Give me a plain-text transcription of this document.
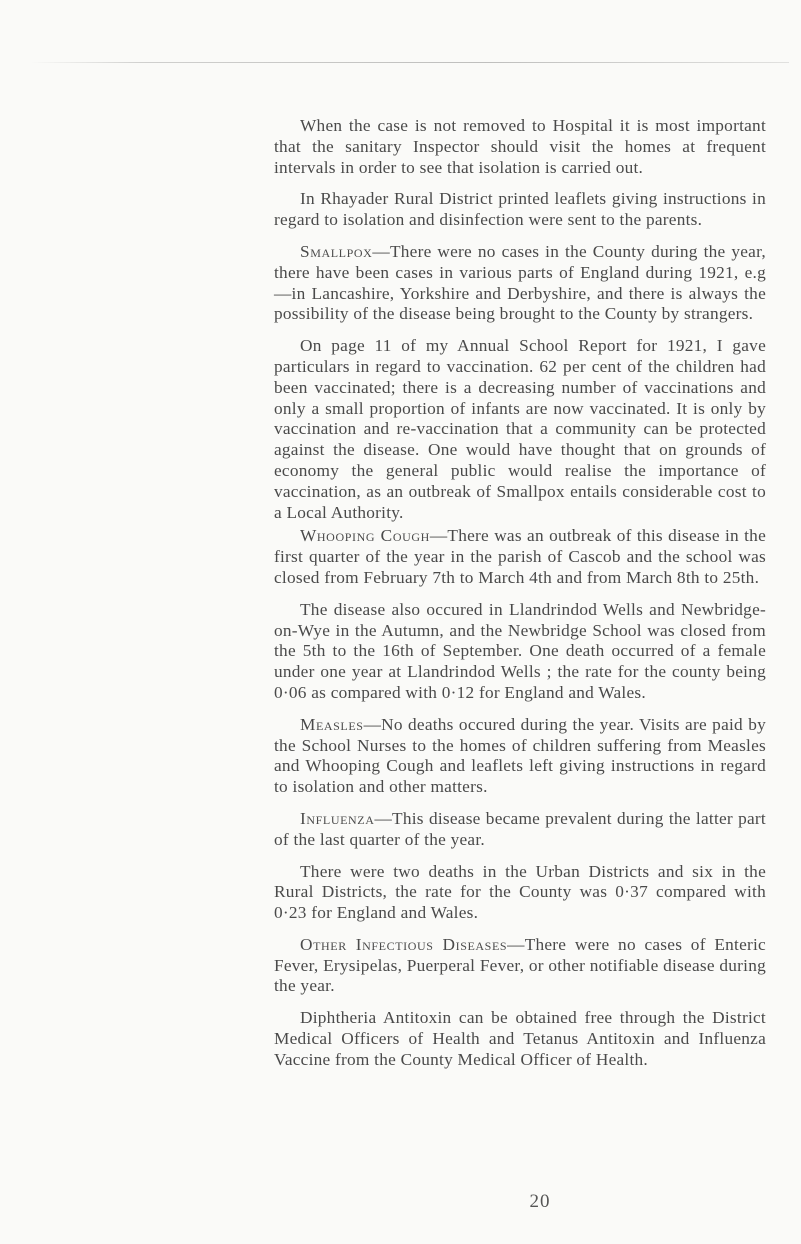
When the case is not removed to Hospital it is most important that the sanitary Inspector should visit the homes at frequent intervals in order to see that isolation is carried out.

In Rhayader Rural District printed leaflets giving instructions in regard to isolation and disinfection were sent to the parents.

Smallpox—There were no cases in the County during the year, there have been cases in various parts of England during 1921, e.g—in Lancashire, Yorkshire and Derbyshire, and there is always the possibility of the disease being brought to the County by strangers.

On page 11 of my Annual School Report for 1921, I gave particulars in regard to vaccination. 62 per cent of the children had been vaccinated; there is a decreasing number of vaccinations and only a small proportion of infants are now vaccinated. It is only by vaccination and re-vaccination that a community can be protected against the disease. One would have thought that on grounds of economy the general public would realise the importance of vaccination, as an outbreak of Smallpox entails considerable cost to a Local Authority.

Whooping Cough—There was an outbreak of this disease in the first quarter of the year in the parish of Cascob and the school was closed from February 7th to March 4th and from March 8th to 25th.

The disease also occured in Llandrindod Wells and Newbridge-on-Wye in the Autumn, and the Newbridge School was closed from the 5th to the 16th of September. One death occurred of a female under one year at Llandrindod Wells ; the rate for the county being 0·06 as compared with 0·12 for England and Wales.

Measles—No deaths occured during the year. Visits are paid by the School Nurses to the homes of children suffering from Measles and Whooping Cough and leaflets left giving instructions in regard to isolation and other matters.

Influenza—This disease became prevalent during the latter part of the last quarter of the year.

There were two deaths in the Urban Districts and six in the Rural Districts, the rate for the County was 0·37 compared with 0·23 for England and Wales.

Other Infectious Diseases—There were no cases of Enteric Fever, Erysipelas, Puerperal Fever, or other notifiable disease during the year.

Diphtheria Antitoxin can be obtained free through the District Medical Officers of Health and Tetanus Antitoxin and Influenza Vaccine from the County Medical Officer of Health.

20
